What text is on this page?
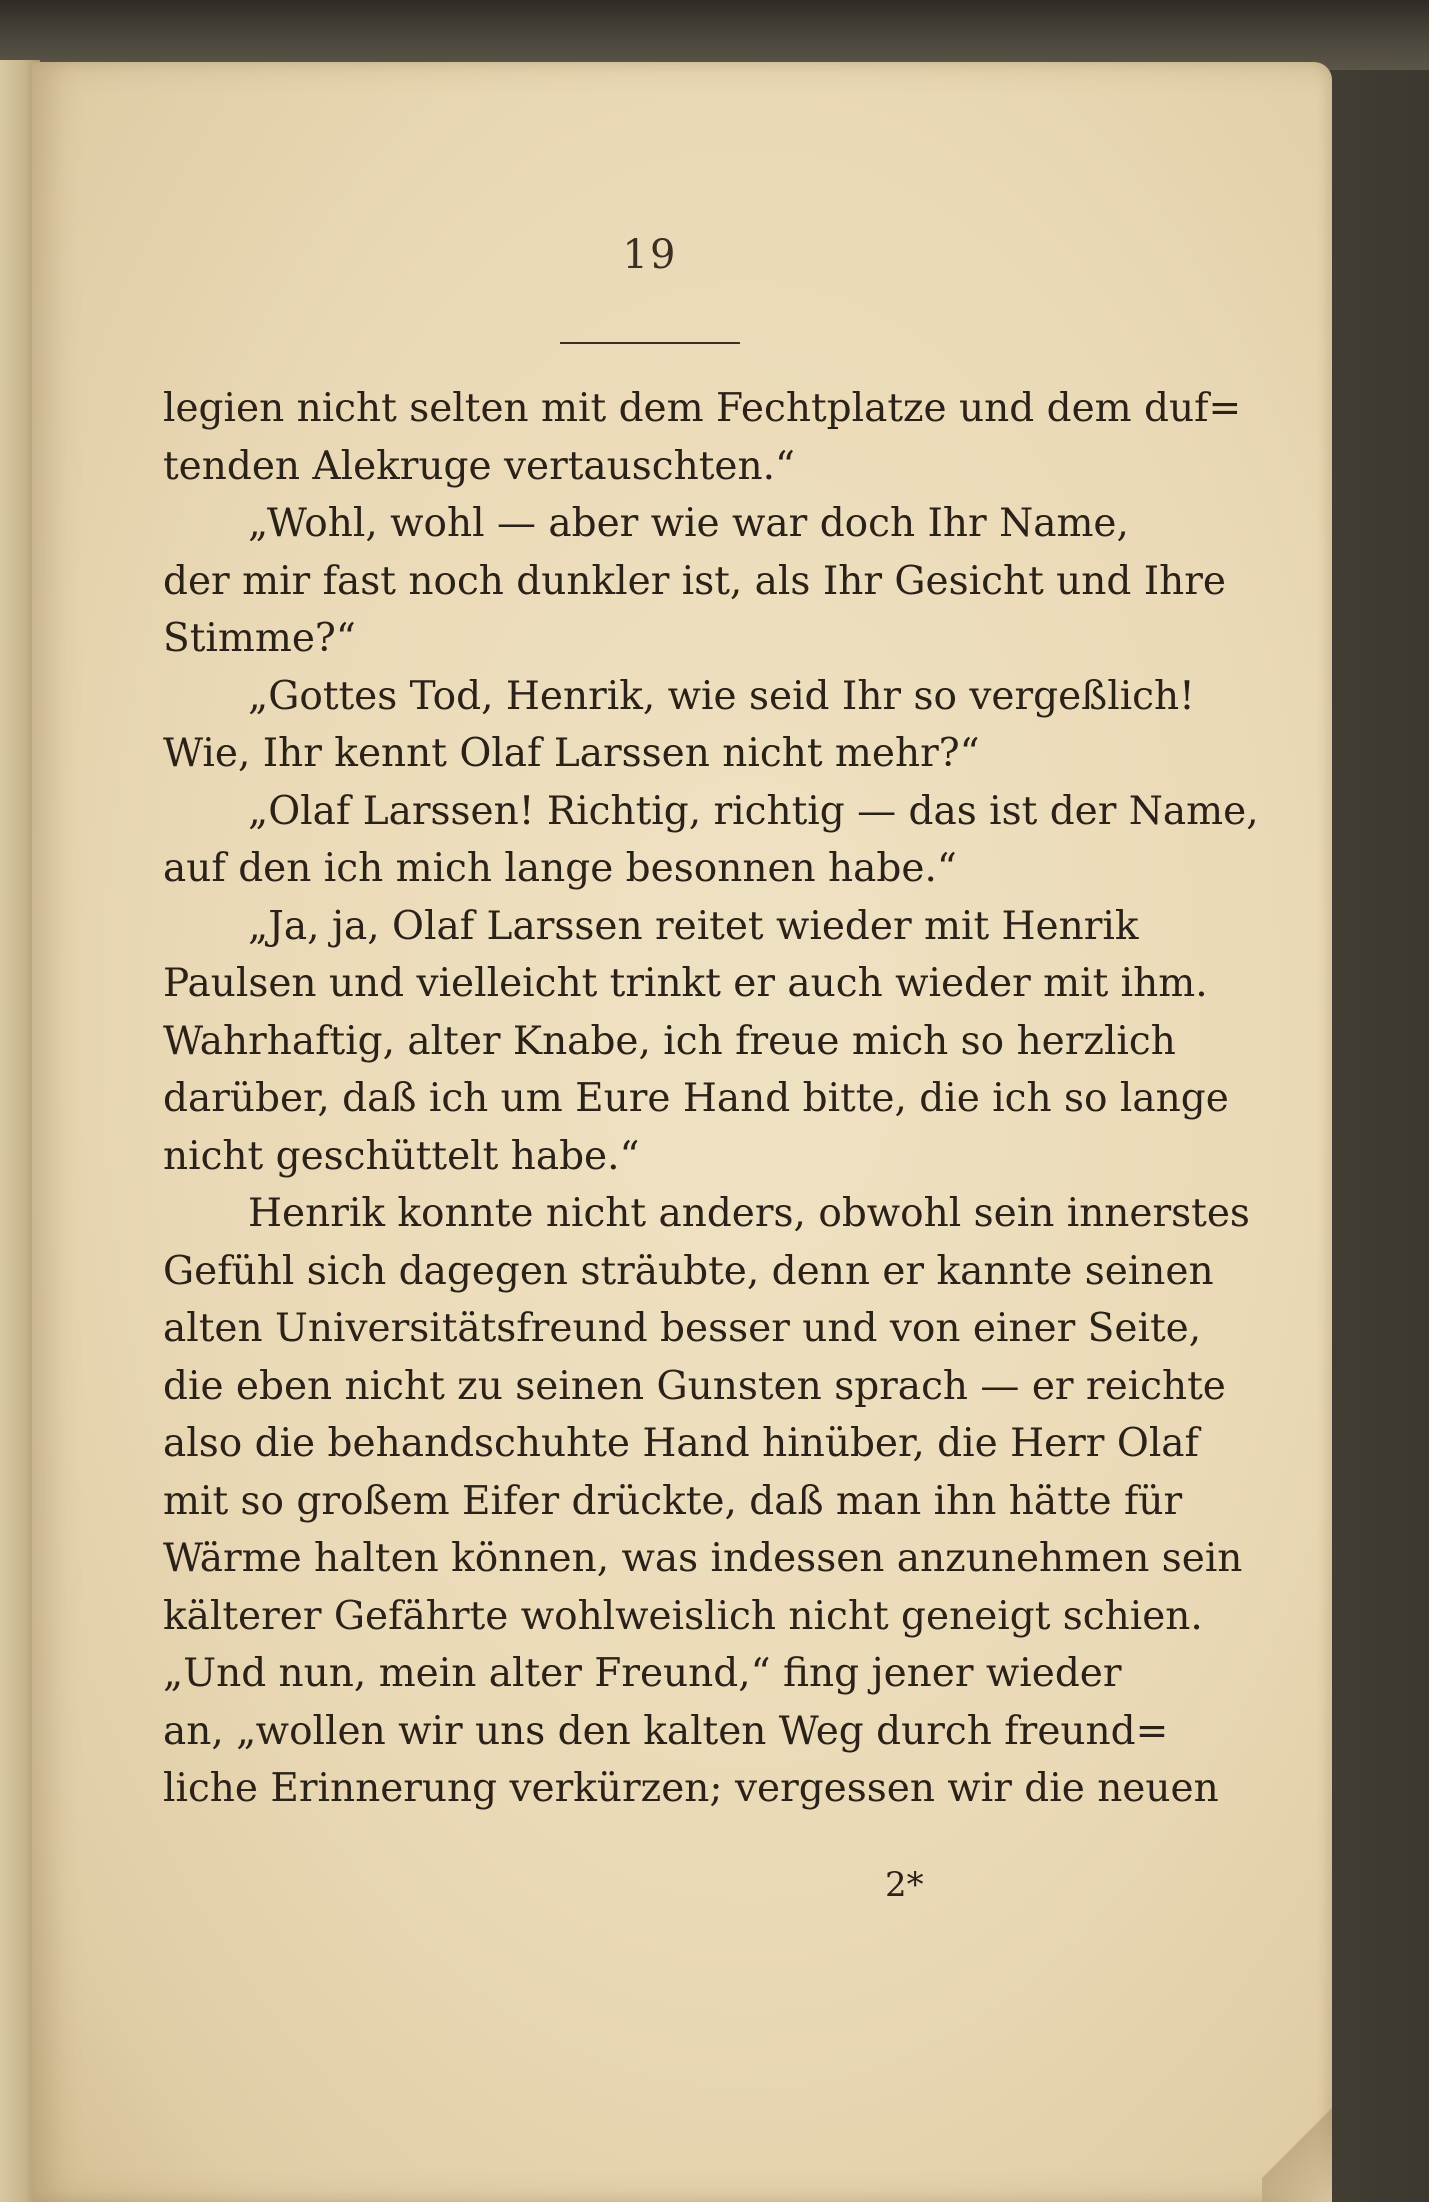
19
legien nicht selten mit dem Fechtplatze und dem duf=
tenden Alekruge vertauschten.“
„Wohl, wohl — aber wie war doch Ihr Name,
der mir fast noch dunkler ist, als Ihr Gesicht und Ihre
Stimme?“
„Gottes Tod, Henrik, wie seid Ihr so vergeßlich!
Wie, Ihr kennt Olaf Larssen nicht mehr?“
„Olaf Larssen! Richtig, richtig — das ist der Name,
auf den ich mich lange besonnen habe.“
„Ja, ja, Olaf Larssen reitet wieder mit Henrik
Paulsen und vielleicht trinkt er auch wieder mit ihm.
Wahrhaftig, alter Knabe, ich freue mich so herzlich
darüber, daß ich um Eure Hand bitte, die ich so lange
nicht geschüttelt habe.“
Henrik konnte nicht anders, obwohl sein innerstes
Gefühl sich dagegen sträubte, denn er kannte seinen
alten Universitätsfreund besser und von einer Seite,
die eben nicht zu seinen Gunsten sprach — er reichte
also die behandschuhte Hand hinüber, die Herr Olaf
mit so großem Eifer drückte, daß man ihn hätte für
Wärme halten können, was indessen anzunehmen sein
kälterer Gefährte wohlweislich nicht geneigt schien.
„Und nun, mein alter Freund,“ fing jener wieder
an, „wollen wir uns den kalten Weg durch freund=
liche Erinnerung verkürzen; vergessen wir die neuen
2*
